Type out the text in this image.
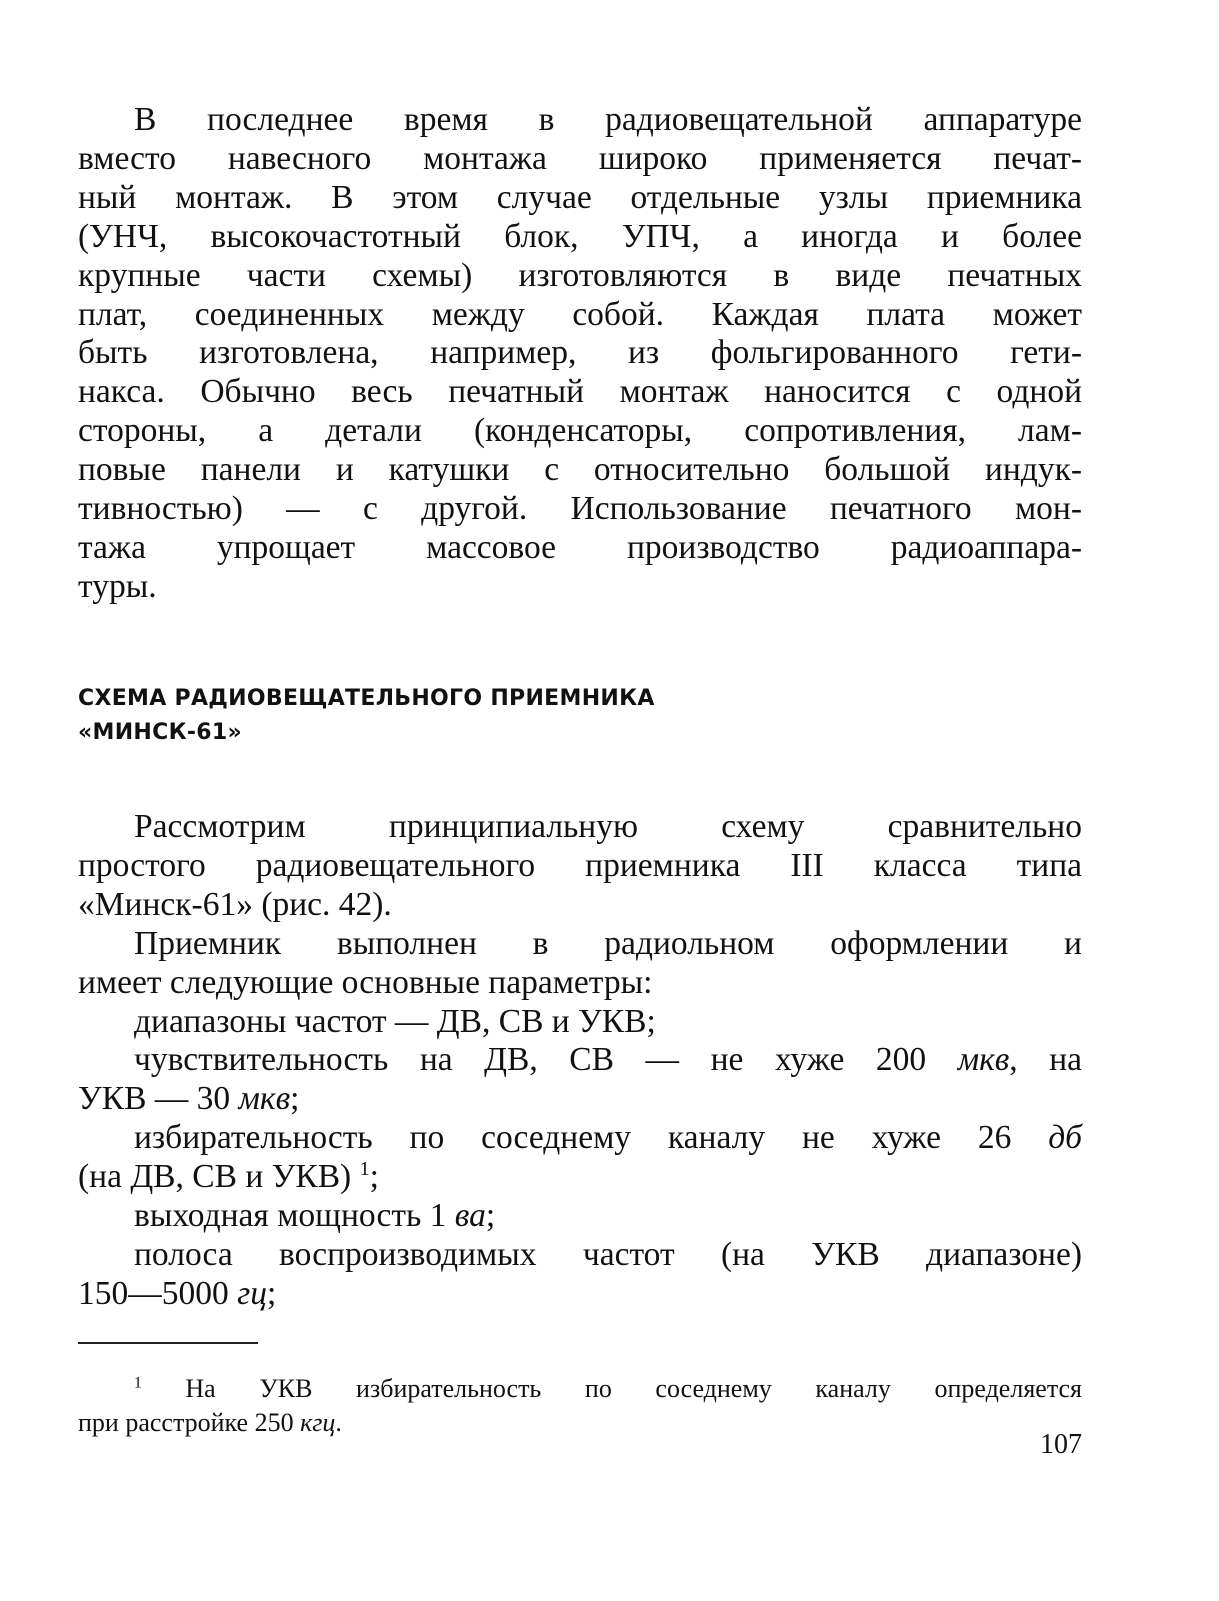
В последнее время в радиовещательной аппаратуре

вместо навесного монтажа широко применяется печат-

ный монтаж. В этом случае отдельные узлы приемника

(УНЧ, высокочастотный блок, УПЧ, а иногда и более

крупные части схемы) изготовляются в виде печатных

плат, соединенных между собой. Каждая плата может

быть изготовлена, например, из фольгированного гети-

накса. Обычно весь печатный монтаж наносится с одной

стороны, а детали (конденсаторы, сопротивления, лам-

повые панели и катушки с относительно большой индук-

тивностью) — с другой. Использование печатного мон-

тажа упрощает массовое производство радиоаппара-

туры.

СХЕМА РАДИОВЕЩАТЕЛЬНОГО ПРИЕМНИКА
«МИНСК-61»

Рассмотрим принципиальную схему сравнительно

простого радиовещательного приемника III класса типа

«Минск-61» (рис. 42).

Приемник выполнен в радиольном оформлении и

имеет следующие основные параметры:

диапазоны частот — ДВ, СВ и УКВ;

чувствительность на ДВ, СВ — не хуже 200 мкв, на

УКВ — 30 мкв;

избирательность по соседнему каналу не хуже 26 дб

(на ДВ, СВ и УКВ) $^1$;

выходная мощность 1 ва;

полоса воспроизводимых частот (на УКВ диапазоне)

150—5000 гц;

$^1$ На УКВ избирательность по соседнему каналу определяется

при расстройке 250 кгц.

107
